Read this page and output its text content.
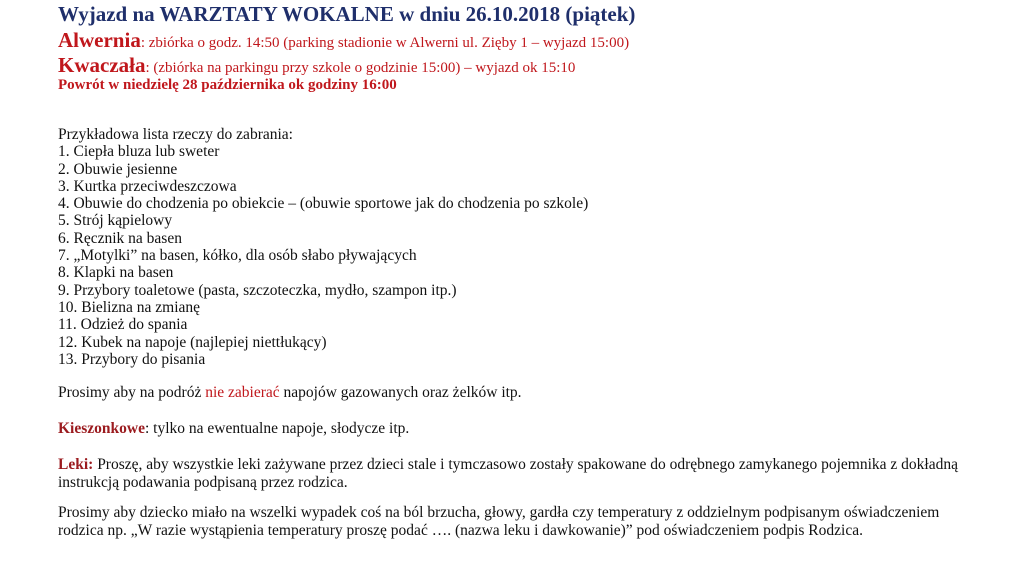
Wyjazd na WARZTATY WOKALNE w dniu 26.10.2018 (piątek)
Alwernia: zbiórka o godz. 14:50 (parking stadionie w Alwerni ul. Zięby 1 – wyjazd 15:00)
Kwaczała: (zbiórka na parkingu przy szkole o godzinie 15:00) – wyjazd ok 15:10
Powrót w niedzielę 28 października ok godziny 16:00
Przykładowa lista rzeczy do zabrania:
1. Ciepła bluza lub sweter
2. Obuwie jesienne
3. Kurtka przeciwdeszczowa
4. Obuwie do chodzenia po obiekcie – (obuwie sportowe jak do chodzenia po szkole)
5. Strój kąpielowy
6. Ręcznik na basen
7. „Motylki” na basen, kółko, dla osób słabo pływających
8. Klapki na basen
9. Przybory toaletowe (pasta, szczoteczka, mydło, szampon itp.)
10. Bielizna na zmianę
11. Odzież do spania
12. Kubek na napoje (najlepiej niettłukący)
13. Przybory do pisania
Prosimy aby na podróż nie zabierać napojów gazowanych oraz żelków itp.
Kieszonkowe: tylko na ewentualne napoje, słodycze itp.
Leki: Proszę, aby wszystkie leki zażywane przez dzieci stale i tymczasowo zostały spakowane do odrębnego zamykanego pojemnika z dokładną instrukcją podawania podpisaną przez rodzica.
Prosimy aby dziecko miało na wszelki wypadek coś na ból brzucha, głowy, gardła czy temperatury z oddzielnym podpisanym oświadczeniem rodzica np. „W razie wystąpienia temperatury proszę podać …. (nazwa leku i dawkowanie)” pod oświadczeniem podpis Rodzica.
